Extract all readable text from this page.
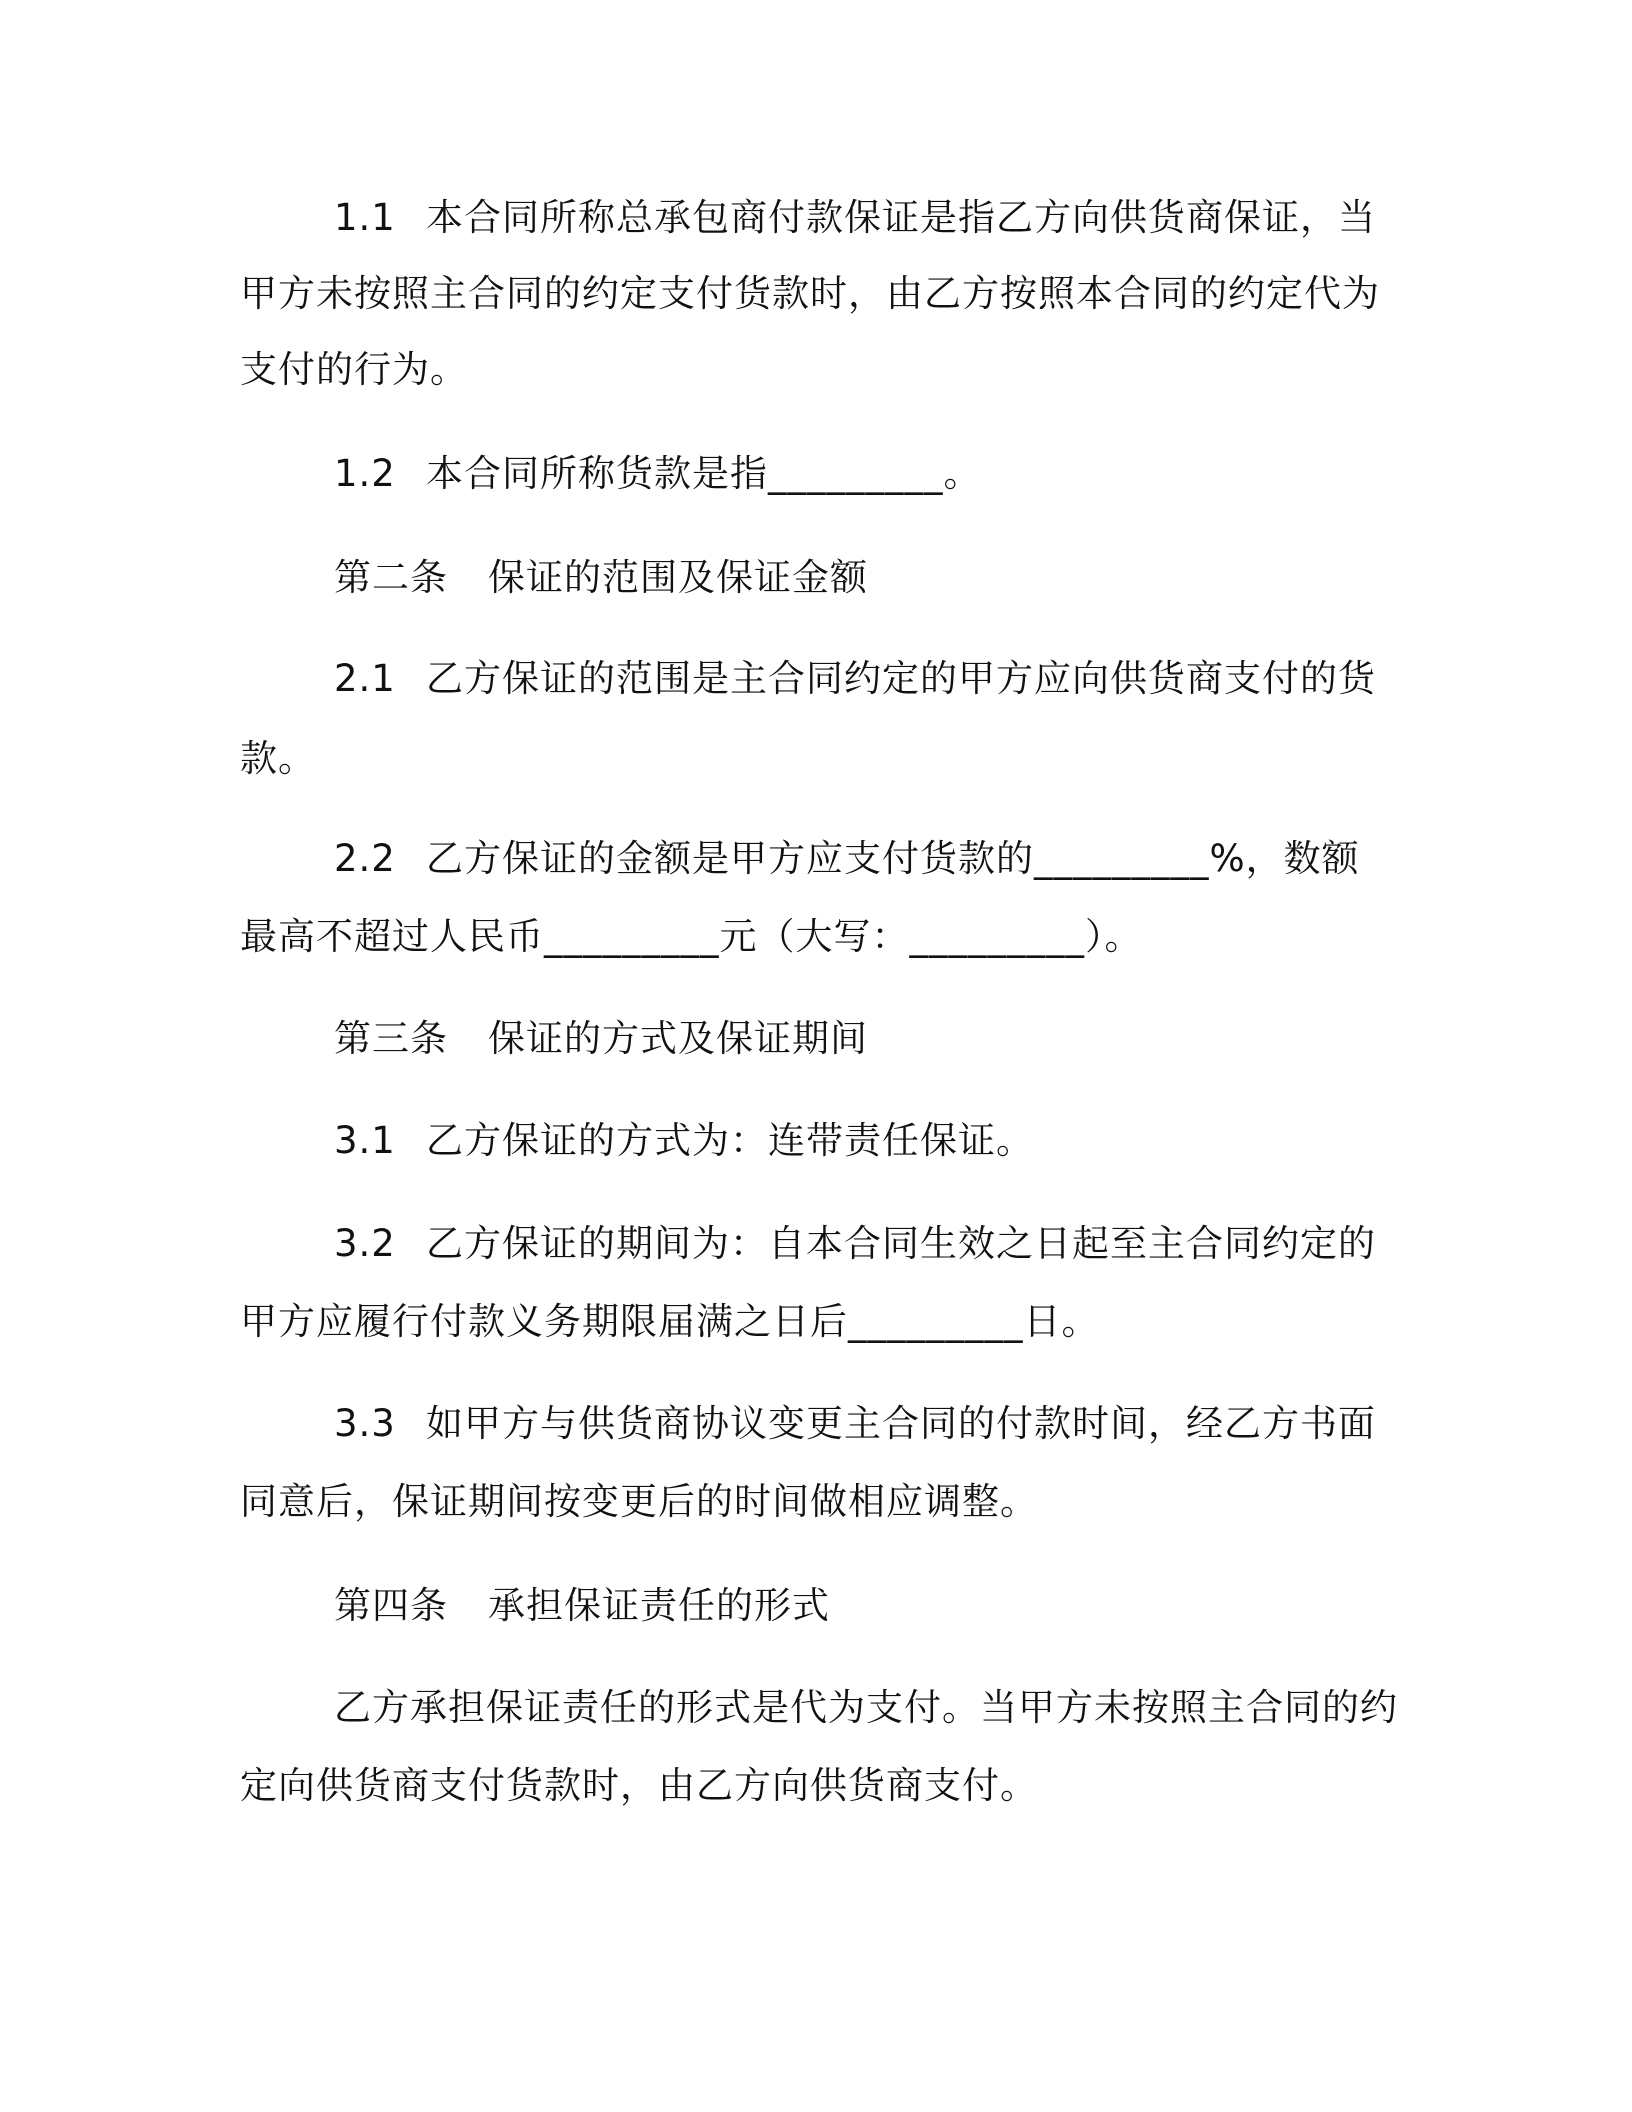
1.1 本合同所称总承包商付款保证是指乙方向供货商保证，当
甲方未按照主合同的约定支付货款时，由乙方按照本合同的约定代为
支付的行为。
1.2 本合同所称货款是指_________。
第二条 保证的范围及保证金额
2.1 乙方保证的范围是主合同约定的甲方应向供货商支付的货
款。
2.2 乙方保证的金额是甲方应支付货款的_________%，数额
最高不超过人民币_________元（大写：_________）。
第三条 保证的方式及保证期间
3.1 乙方保证的方式为：连带责任保证。
3.2 乙方保证的期间为：自本合同生效之日起至主合同约定的
甲方应履行付款义务期限届满之日后_________日。
3.3 如甲方与供货商协议变更主合同的付款时间，经乙方书面
同意后，保证期间按变更后的时间做相应调整。
第四条 承担保证责任的形式
乙方承担保证责任的形式是代为支付。当甲方未按照主合同的约
定向供货商支付货款时，由乙方向供货商支付。
